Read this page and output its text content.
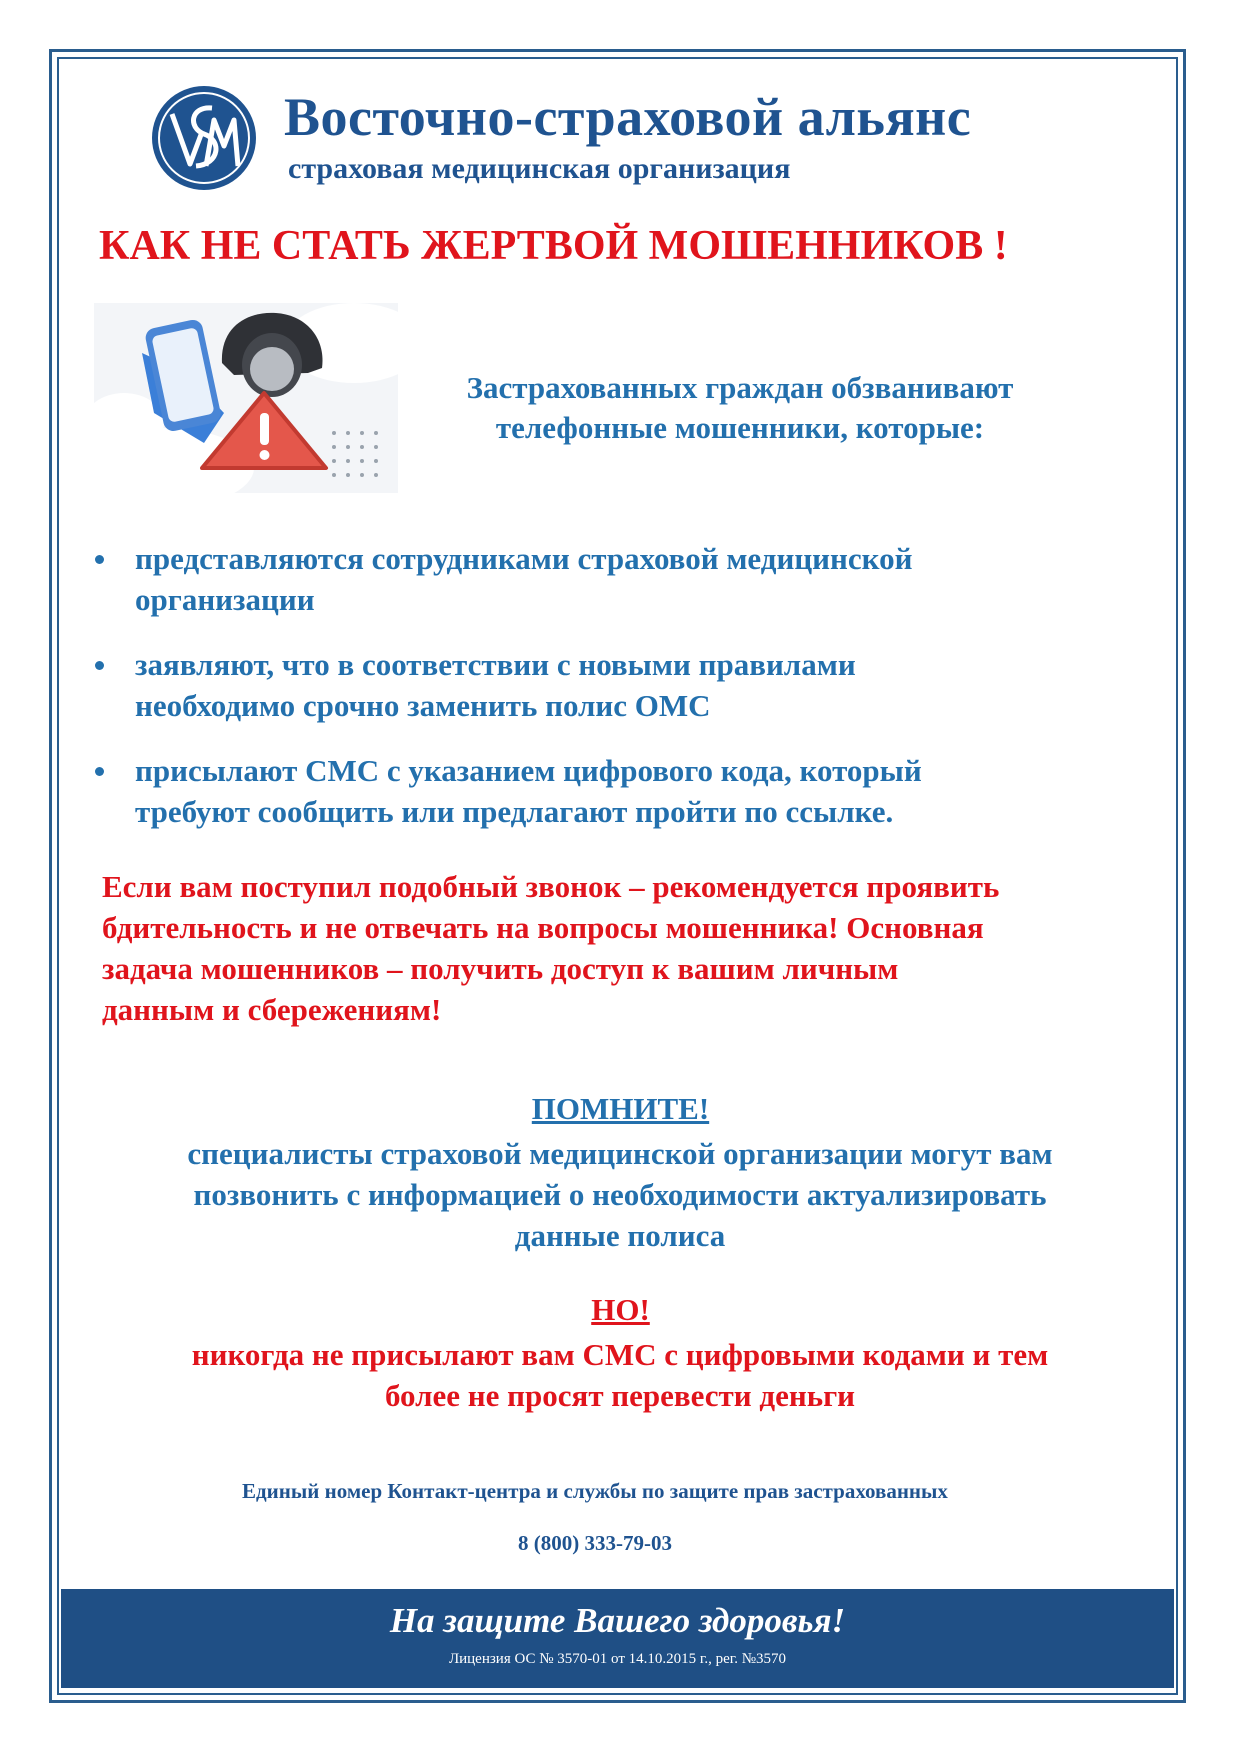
Восточно-страховой альянс
страховая медицинская организация
КАК НЕ СТАТЬ ЖЕРТВОЙ МОШЕННИКОВ !
Застрахованных граждан обзванивают
телефонные мошенники, которые:
представляются сотрудниками страховой медицинской
организации
заявляют, что в соответствии с новыми правилами
необходимо срочно заменить полис ОМС
присылают СМС с указанием цифрового кода, который
требуют сообщить или предлагают пройти по ссылке.
Если вам поступил подобный звонок – рекомендуется проявить
бдительность и не отвечать на вопросы мошенника! Основная
задача мошенников – получить доступ к вашим личным
данным и сбережениям!
ПОМНИТЕ!
специалисты страховой медицинской организации могут вам
позвонить с информацией о необходимости актуализировать
данные полиса
НО!
никогда не присылают вам СМС с цифровыми кодами и тем
более не просят перевести деньги
Единый номер Контакт-центра и службы по защите прав застрахованных
8 (800) 333-79-03
На защите Вашего здоровья!
Лицензия ОС № 3570-01 от 14.10.2015 г., рег. №3570
